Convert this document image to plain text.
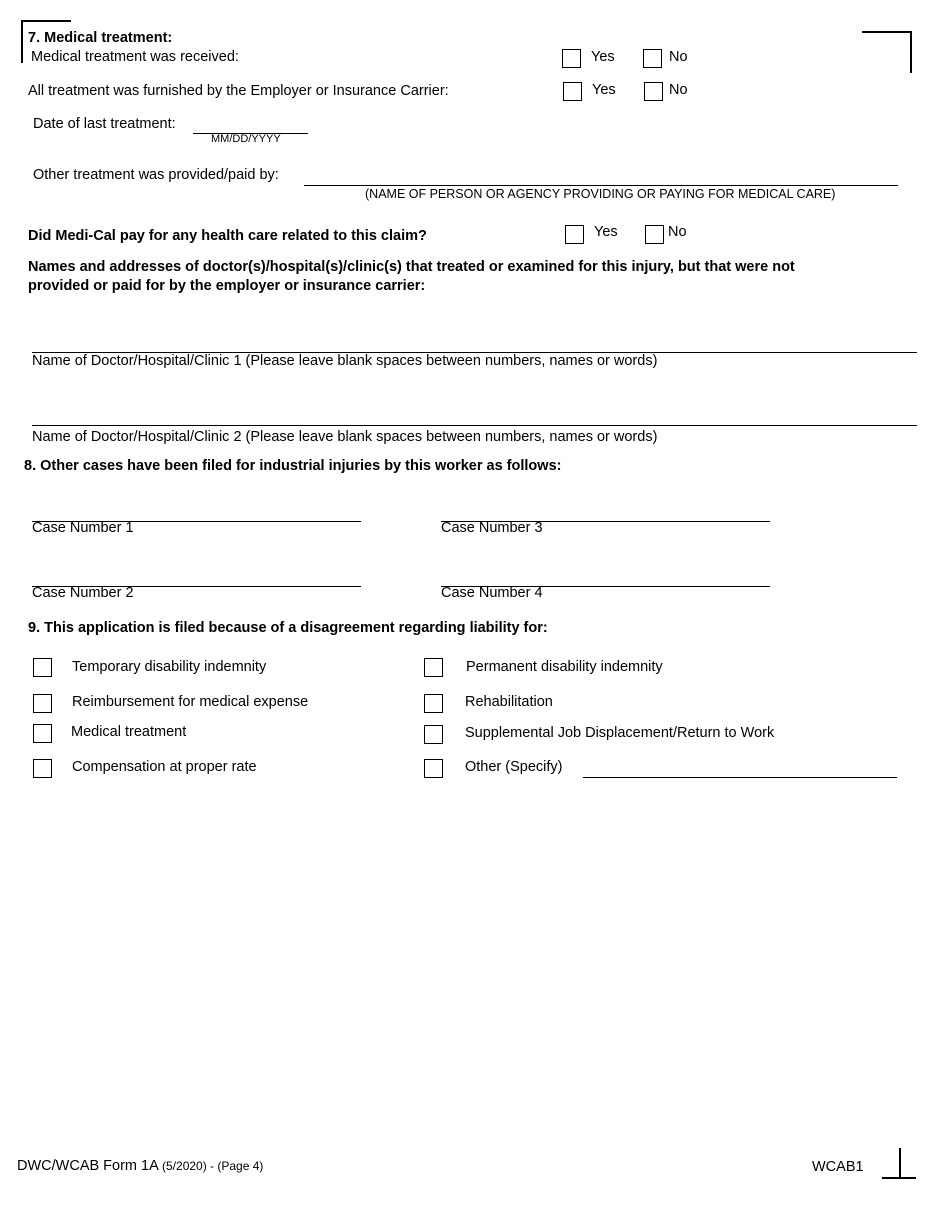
7. Medical treatment:
Medical treatment was received:	Yes	No
All treatment was furnished by the Employer or Insurance Carrier:	Yes	No
Date of last treatment:
MM/DD/YYYY
Other treatment was provided/paid by:
(NAME OF PERSON OR AGENCY PROVIDING OR PAYING FOR MEDICAL CARE)
Did Medi-Cal pay for any health care related to this claim?	Yes	No
Names and addresses of doctor(s)/hospital(s)/clinic(s) that treated or examined for this injury, but that were not
provided or paid for by the employer or insurance carrier:
Name of Doctor/Hospital/Clinic 1 (Please leave blank spaces between numbers, names or words)
Name of Doctor/Hospital/Clinic 2 (Please leave blank spaces between numbers, names or words)
8. Other cases have been filed for industrial injuries by this worker as follows:
Case Number 1	Case Number 3
Case Number 2	Case Number 4
9. This application is filed because of a disagreement regarding liability for:
Temporary disability indemnity	Permanent disability indemnity
Reimbursement for medical expense	Rehabilitation
Medical treatment	Supplemental Job Displacement/Return to Work
Compensation at proper rate	Other (Specify)
DWC/WCAB Form 1A (5/2020) - (Page 4)	WCAB1
